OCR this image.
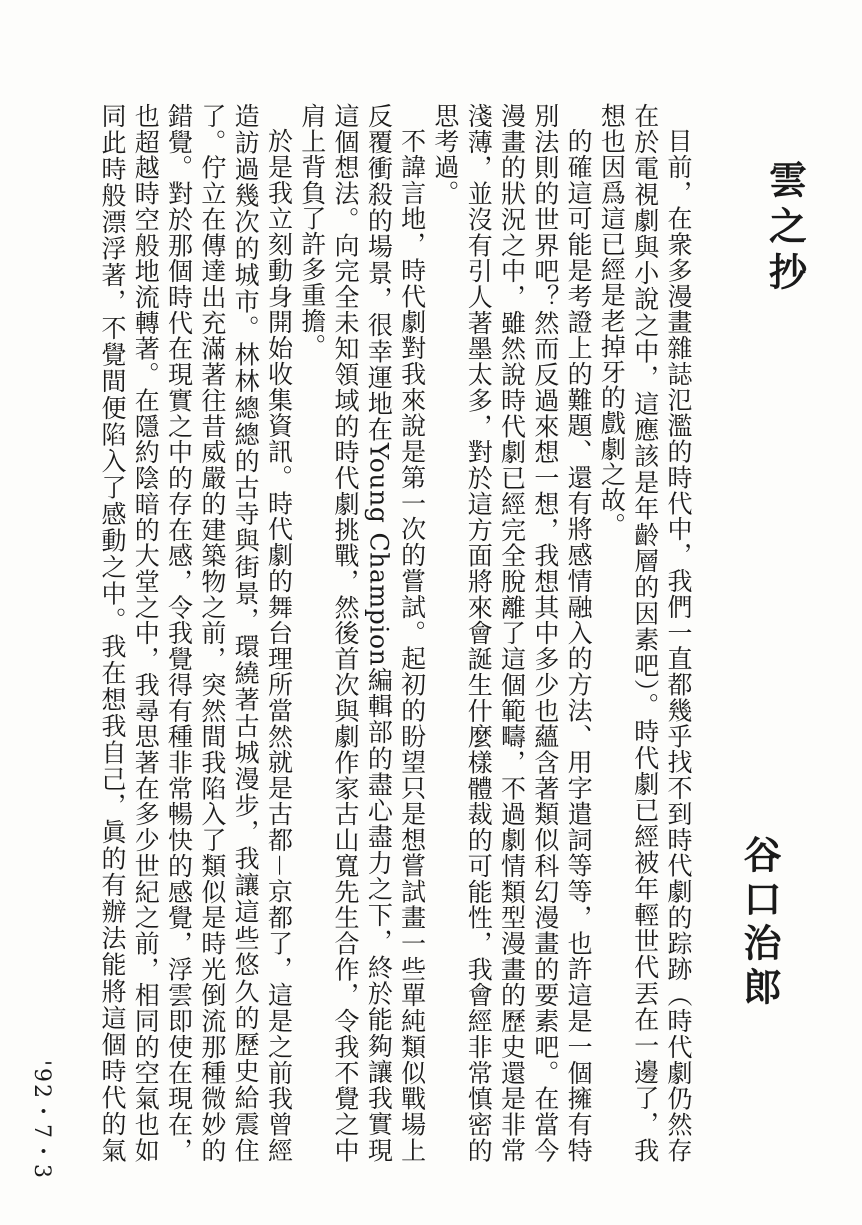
雲之抄
谷口治郎

目前，在衆多漫畫雜誌氾濫的時代中，我們一直都幾乎找不到時代劇的踪跡（時代劇仍然存在於電視劇與小說之中，這應該是年齡層的因素吧）。時代劇已經被年輕世代丟在一邊了，我想也因爲這已經是老掉牙的戲劇之故。

的確這可能是考證上的難題、還有將感情融入的方法、用字遣詞等等，也許這是一個擁有特別法則的世界吧？然而反過來想一想，我想其中多少也蘊含著類似科幻漫畫的要素吧。在當今漫畫的狀況之中，雖然說時代劇已經完全脫離了這個範疇，不過劇情類型漫畫的歷史還是非常淺薄，並沒有引人著墨太多，對於這方面將來會誕生什麼樣體裁的可能性，我會經非常慎密的思考過。

不諱言地，時代劇對我來說是第一次的嘗試。起初的盼望只是想嘗試畫一些單純類似戰場上反覆衝殺的場景，很幸運地在Young Champion編輯部的盡心盡力之下，終於能夠讓我實現這個想法。向完全未知領域的時代劇挑戰，然後首次與劇作家古山寬先生合作，令我不覺之中肩上背負了許多重擔。

於是我立刻動身開始收集資訊。時代劇的舞台理所當然就是古都－京都了，這是之前我曾經造訪過幾次的城市。林林總總的古寺與街景，環繞著古城漫步，我讓這些悠久的歷史給震住了。佇立在傳達出充滿著往昔威嚴的建築物之前，突然間我陷入了類似是時光倒流那種微妙的錯覺。對於那個時代在現實之中的存在感，令我覺得有種非常暢快的感覺，浮雲即使在現在，也超越時空般地流轉著。在隱約陰暗的大堂之中，我尋思著在多少世紀之前，相同的空氣也如同此時般漂浮著，不覺間便陷入了感動之中。我在想我自己，眞的有辦法能將這個時代的氣

'92・7・3
